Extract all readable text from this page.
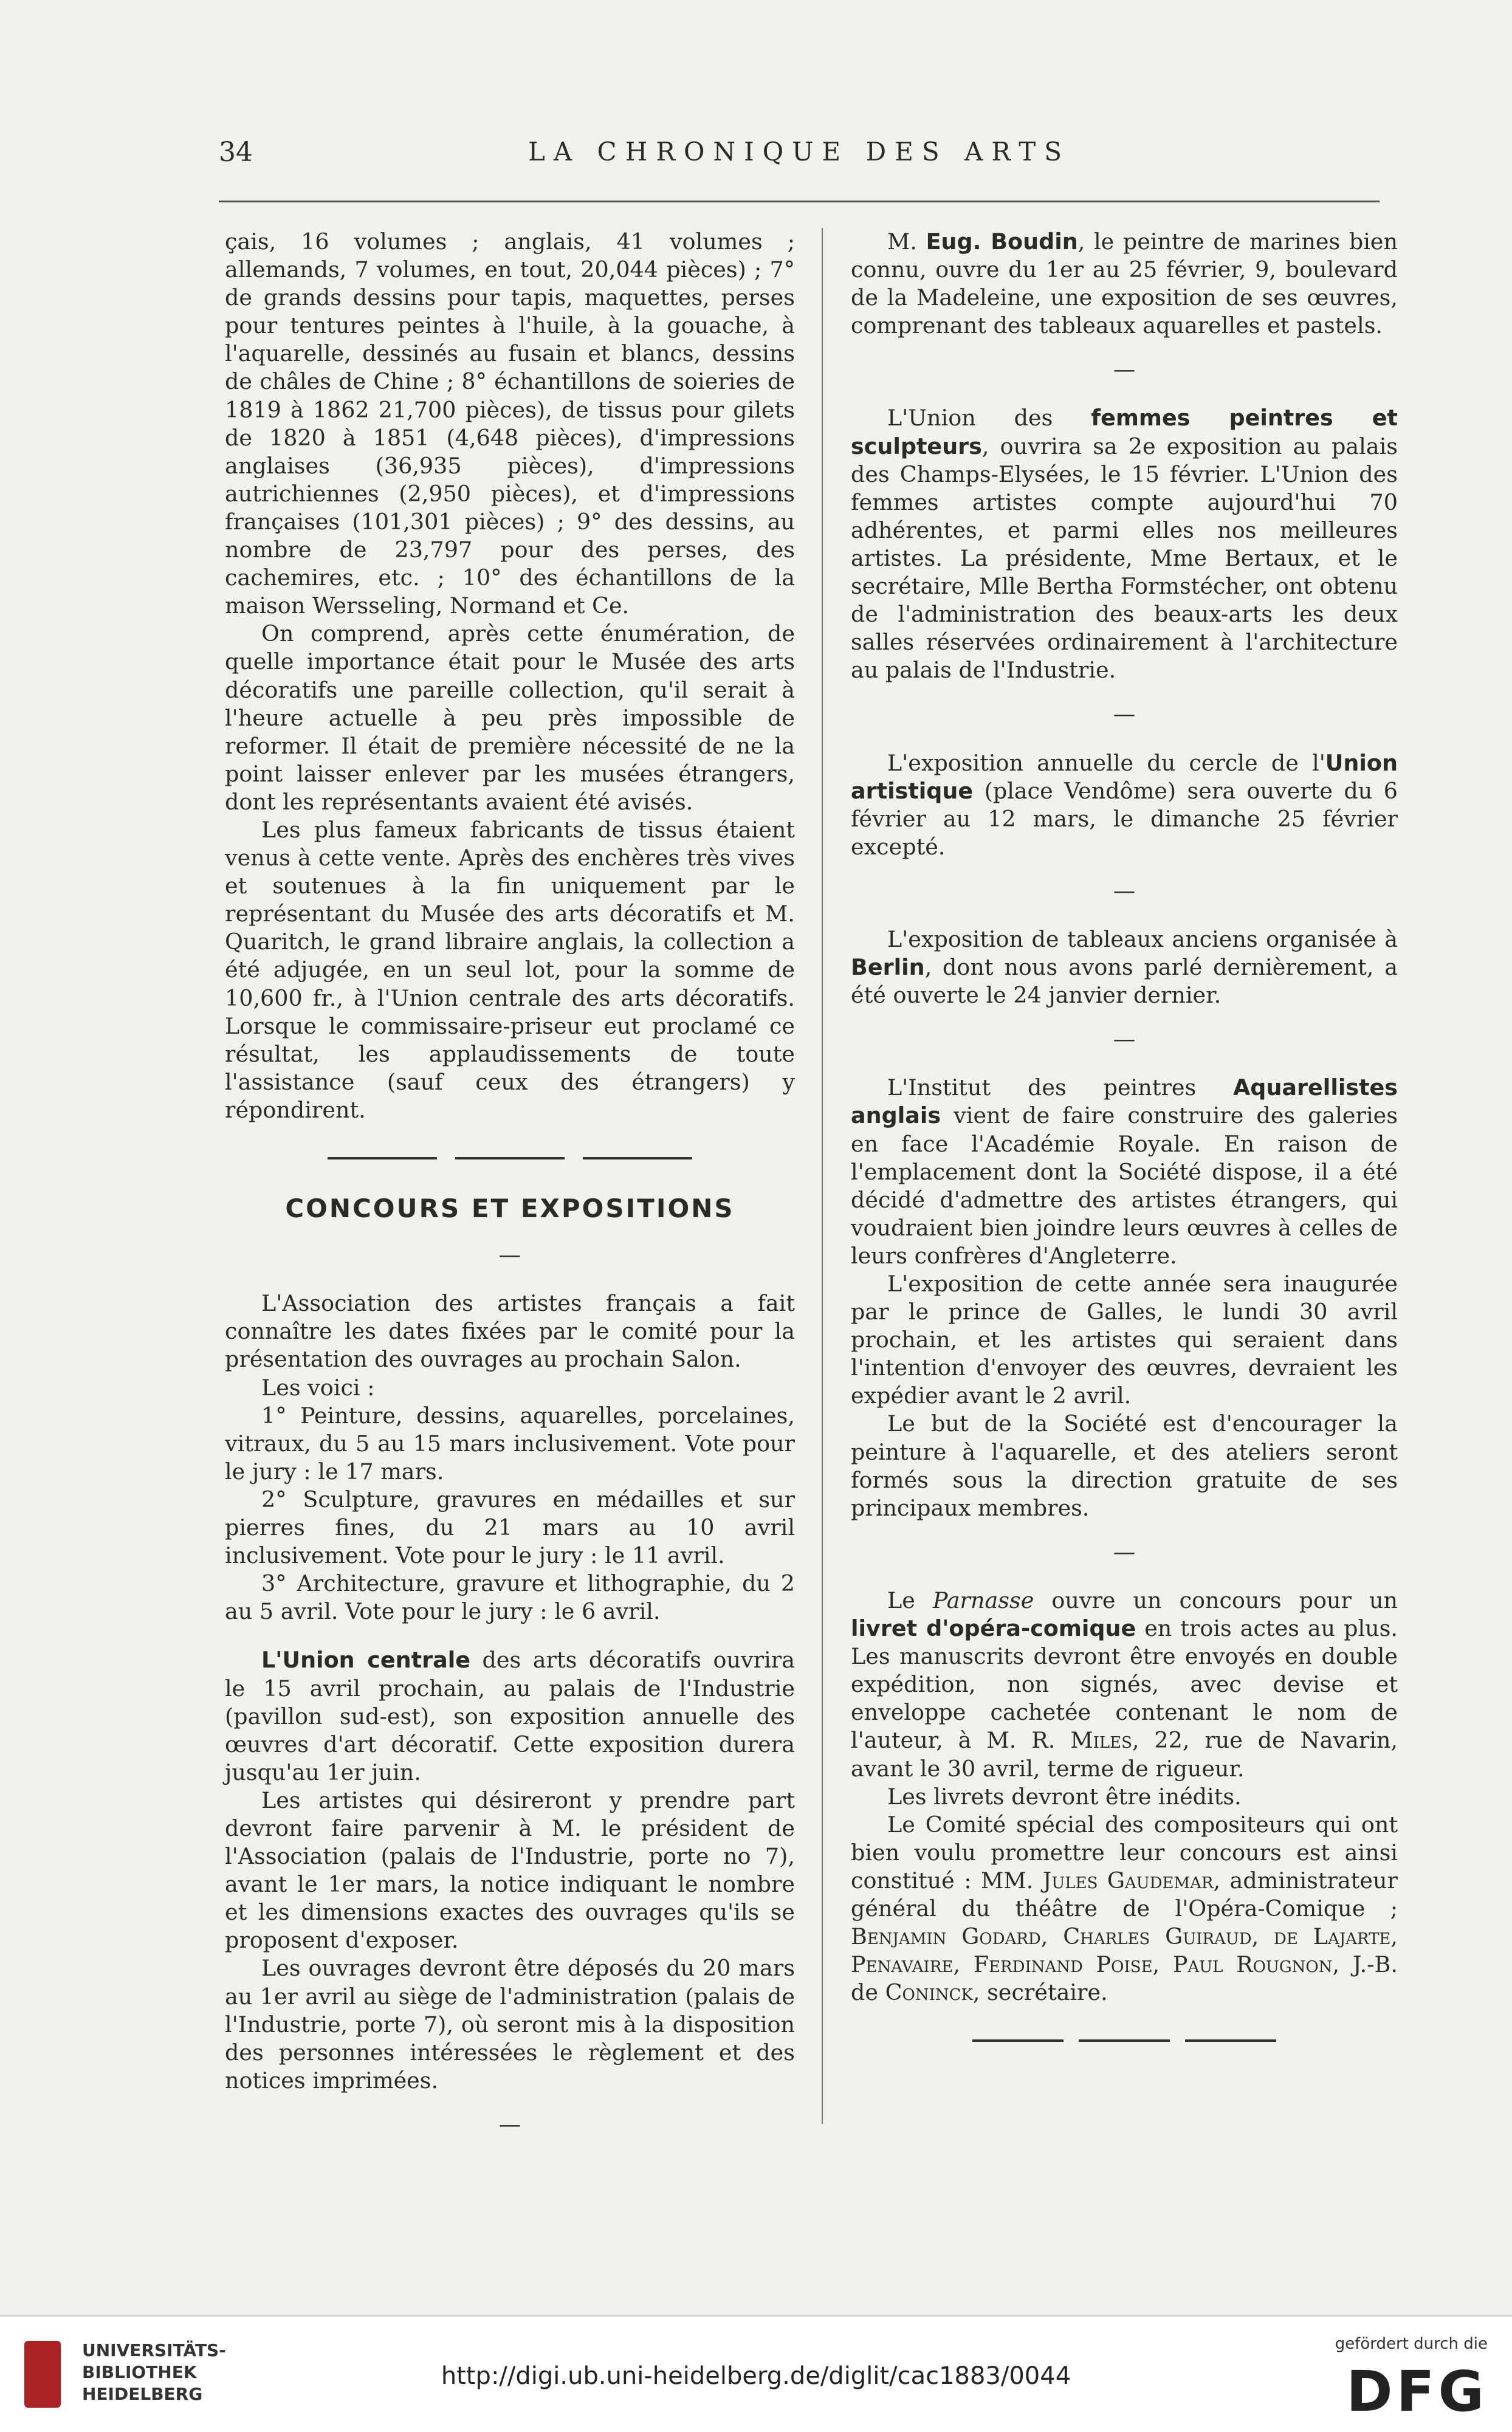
34	LA CHRONIQUE DES ARTS

çais, 16 volumes ; anglais, 41 volumes ; allemands, 7 volumes, en tout, 20,044 pièces) ; 7° de grands dessins pour tapis, maquettes, perses pour tentures peintes à l'huile, à la gouache, à l'aquarelle, dessinés au fusain et blancs, dessins de châles de Chine ; 8° échantillons de soieries de 1819 à 1862 21,700 pièces), de tissus pour gilets de 1820 à 1851 (4,648 pièces), d'impressions anglaises (36,935 pièces), d'impressions autrichiennes (2,950 pièces), et d'impressions françaises (101,301 pièces) ; 9° des dessins, au nombre de 23,797 pour des perses, des cachemires, etc. ; 10° des échantillons de la maison Wersseling, Normand et Ce.

On comprend, après cette énumération, de quelle importance était pour le Musée des arts décoratifs une pareille collection, qu'il serait à l'heure actuelle à peu près impossible de reformer. Il était de première nécessité de ne la point laisser enlever par les musées étrangers, dont les représentants avaient été avisés.

Les plus fameux fabricants de tissus étaient venus à cette vente. Après des enchères très vives et soutenues à la fin uniquement par le représentant du Musée des arts décoratifs et M. Quaritch, le grand libraire anglais, la collection a été adjugée, en un seul lot, pour la somme de 10,600 fr., à l'Union centrale des arts décoratifs. Lorsque le commissaire-priseur eut proclamé ce résultat, les applaudissements de toute l'assistance (sauf ceux des étrangers) y répondirent.

CONCOURS ET EXPOSITIONS
—

L'Association des artistes français a fait connaître les dates fixées par le comité pour la présentation des ouvrages au prochain Salon.

Les voici :

1° Peinture, dessins, aquarelles, porcelaines, vitraux, du 5 au 15 mars inclusivement. Vote pour le jury : le 17 mars.

2° Sculpture, gravures en médailles et sur pierres fines, du 21 mars au 10 avril inclusivement. Vote pour le jury : le 11 avril.

3° Architecture, gravure et lithographie, du 2 au 5 avril. Vote pour le jury : le 6 avril.

L'Union centrale des arts décoratifs ouvrira le 15 avril prochain, au palais de l'Industrie (pavillon sud-est), son exposition annuelle des œuvres d'art décoratif. Cette exposition durera jusqu'au 1er juin.

Les artistes qui désireront y prendre part devront faire parvenir à M. le président de l'Association (palais de l'Industrie, porte no 7), avant le 1er mars, la notice indiquant le nombre et les dimensions exactes des ouvrages qu'ils se proposent d'exposer.

Les ouvrages devront être déposés du 20 mars au 1er avril au siège de l'administration (palais de l'Industrie, porte 7), où seront mis à la disposition des personnes intéressées le règlement et des notices imprimées.

—

M. Eug. Boudin, le peintre de marines bien connu, ouvre du 1er au 25 février, 9, boulevard de la Madeleine, une exposition de ses œuvres, comprenant des tableaux aquarelles et pastels.

—

L'Union des femmes peintres et sculpteurs, ouvrira sa 2e exposition au palais des Champs-Elysées, le 15 février. L'Union des femmes artistes compte aujourd'hui 70 adhérentes, et parmi elles nos meilleures artistes. La présidente, Mme Bertaux, et le secrétaire, Mlle Bertha Formstécher, ont obtenu de l'administration des beaux-arts les deux salles réservées ordinairement à l'architecture au palais de l'Industrie.

—

L'exposition annuelle du cercle de l'Union artistique (place Vendôme) sera ouverte du 6 février au 12 mars, le dimanche 25 février excepté.

—

L'exposition de tableaux anciens organisée à Berlin, dont nous avons parlé dernièrement, a été ouverte le 24 janvier dernier.

—

L'Institut des peintres Aquarellistes anglais vient de faire construire des galeries en face l'Académie Royale. En raison de l'emplacement dont la Société dispose, il a été décidé d'admettre des artistes étrangers, qui voudraient bien joindre leurs œuvres à celles de leurs confrères d'Angleterre.

L'exposition de cette année sera inaugurée par le prince de Galles, le lundi 30 avril prochain, et les artistes qui seraient dans l'intention d'envoyer des œuvres, devraient les expédier avant le 2 avril.

Le but de la Société est d'encourager la peinture à l'aquarelle, et des ateliers seront formés sous la direction gratuite de ses principaux membres.

—

Le Parnasse ouvre un concours pour un livret d'opéra-comique en trois actes au plus. Les manuscrits devront être envoyés en double expédition, non signés, avec devise et enveloppe cachetée contenant le nom de l'auteur, à M. R. Miles, 22, rue de Navarin, avant le 30 avril, terme de rigueur.

Les livrets devront être inédits.

Le Comité spécial des compositeurs qui ont bien voulu promettre leur concours est ainsi constitué : MM. Jules Gaudemar, administrateur général du théâtre de l'Opéra-Comique ; Benjamin Godard, Charles Guiraud, de Lajarte, Penavaire, Ferdinand Poise, Paul Rougnon, J.-B. de Coninck, secrétaire.

UNIVERSITÄTS-
BIBLIOTHEK
HEIDELBERG
http://digi.ub.uni-heidelberg.de/diglit/cac1883/0044
gefördert durch die
DFG
